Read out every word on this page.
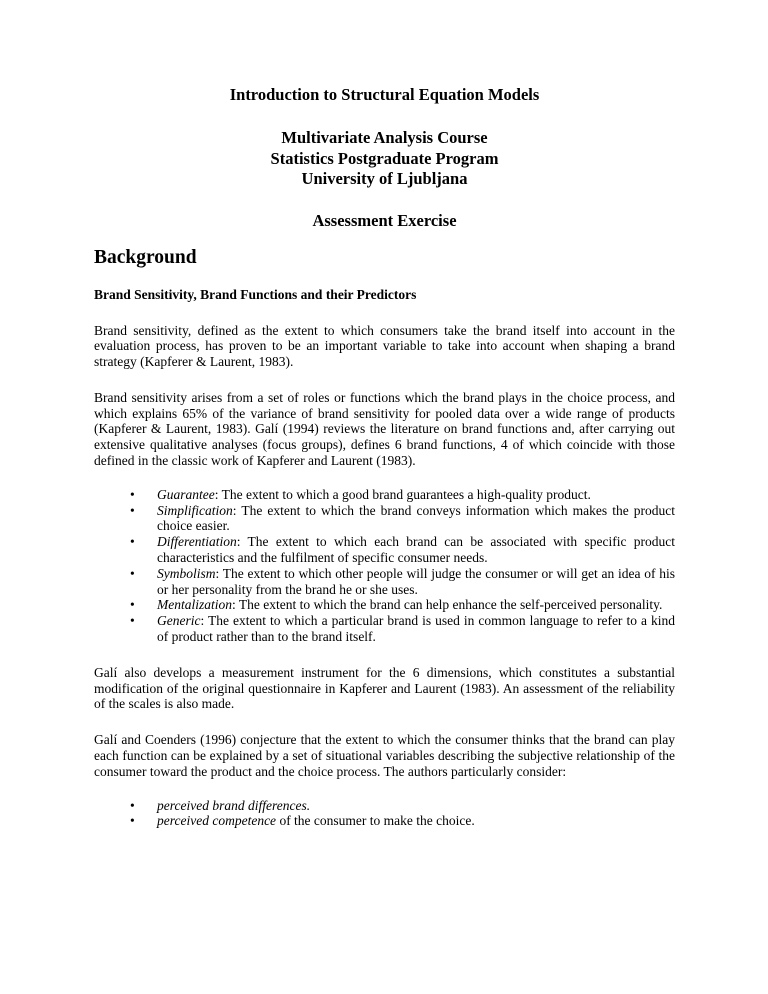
Introduction to Structural Equation Models
Multivariate Analysis Course
Statistics Postgraduate Program
University of Ljubljana
Assessment Exercise
Background
Brand Sensitivity, Brand Functions and their Predictors

Brand sensitivity, defined as the extent to which consumers take the brand itself into account in the evaluation process, has proven to be an important variable to take into account when shaping a brand strategy (Kapferer & Laurent, 1983).

Brand sensitivity arises from a set of roles or functions which the brand plays in the choice process, and which explains 65% of the variance of brand sensitivity for pooled data over a wide range of products (Kapferer & Laurent, 1983). Galí (1994) reviews the literature on brand functions and, after carrying out extensive qualitative analyses (focus groups), defines 6 brand functions, 4 of which coincide with those defined in the classic work of Kapferer and Laurent (1983).

• Guarantee: The extent to which a good brand guarantees a high-quality product.
• Simplification: The extent to which the brand conveys information which makes the product choice easier.
• Differentiation: The extent to which each brand can be associated with specific product characteristics and the fulfilment of specific consumer needs.
• Symbolism: The extent to which other people will judge the consumer or will get an idea of his or her personality from the brand he or she uses.
• Mentalization: The extent to which the brand can help enhance the self-perceived personality.
• Generic: The extent to which a particular brand is used in common language to refer to a kind of product rather than to the brand itself.

Galí also develops a measurement instrument for the 6 dimensions, which constitutes a substantial modification of the original questionnaire in Kapferer and Laurent (1983). An assessment of the reliability of the scales is also made.

Galí and Coenders (1996) conjecture that the extent to which the consumer thinks that the brand can play each function can be explained by a set of situational variables describing the subjective relationship of the consumer toward the product and the choice process. The authors particularly consider:

• perceived brand differences.
• perceived competence of the consumer to make the choice.
